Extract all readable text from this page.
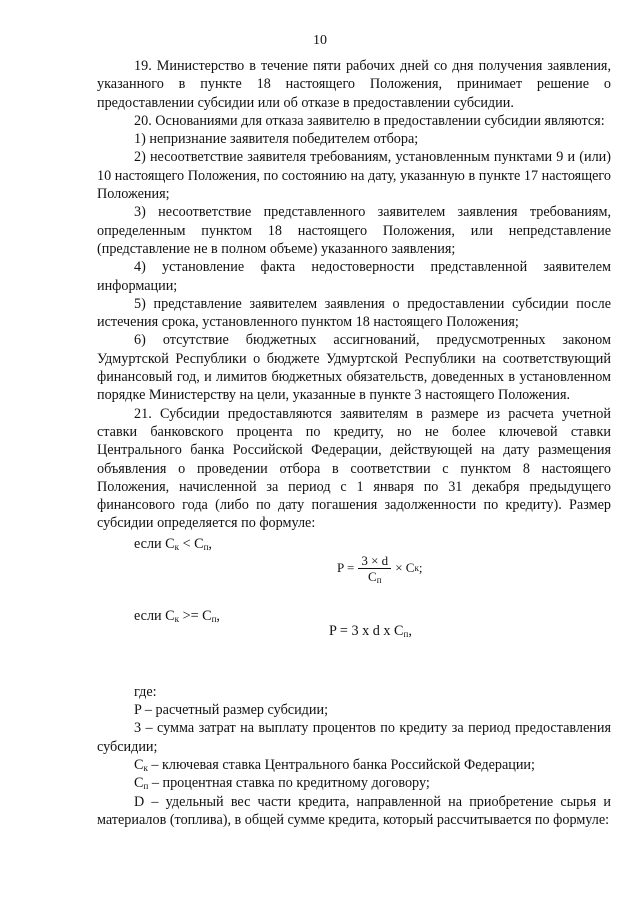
10

19. Министерство в течение пяти рабочих дней со дня получения заявления, указанного в пункте 18 настоящего Положения, принимает решение о предоставлении субсидии или об отказе в предоставлении субсидии.

20. Основаниями для отказа заявителю в предоставлении субсидии являются:

1) непризнание заявителя победителем отбора;

2) несоответствие заявителя требованиям, установленным пунктами 9 и (или) 10 настоящего Положения, по состоянию на дату, указанную в пункте 17 настоящего Положения;

3) несоответствие представленного заявителем заявления требованиям, определенным пунктом 18 настоящего Положения, или непредставление (представление не в полном объеме) указанного заявления;

4) установление факта недостоверности представленной заявителем информации;

5) представление заявителем заявления о предоставлении субсидии после истечения срока, установленного пунктом 18 настоящего Положения;

6) отсутствие бюджетных ассигнований, предусмотренных законом Удмуртской Республики о бюджете Удмуртской Республики на соответствующий финансовый год, и лимитов бюджетных обязательств, доведенных в установленном порядке Министерству на цели, указанные в пункте 3 настоящего Положения.

21. Субсидии предоставляются заявителям в размере из расчета учетной ставки банковского процента по кредиту, но не более ключевой ставки Центрального банка Российской Федерации, действующей на дату размещения объявления о проведении отбора в соответствии с пунктом 8 настоящего Положения, начисленной за период с 1 января по 31 декабря предыдущего финансового года (либо по дату погашения задолженности по кредиту). Размер субсидии определяется по формуле:

если $С_к < С_п$,
$P = \frac{3 \times d}{С_п} \times С$ к ;
если $С_к >= С_п$,
P = 3 x d x $С_п$,

где:

P – расчетный размер субсидии;

3 – сумма затрат на выплату процентов по кредиту за период предоставления субсидии;

$С_к$ – ключевая ставка Центрального банка Российской Федерации;

$С_п$ – процентная ставка по кредитному договору;

D – удельный вес части кредита, направленной на приобретение сырья и материалов (топлива), в общей сумме кредита, который рассчитывается по формуле:
